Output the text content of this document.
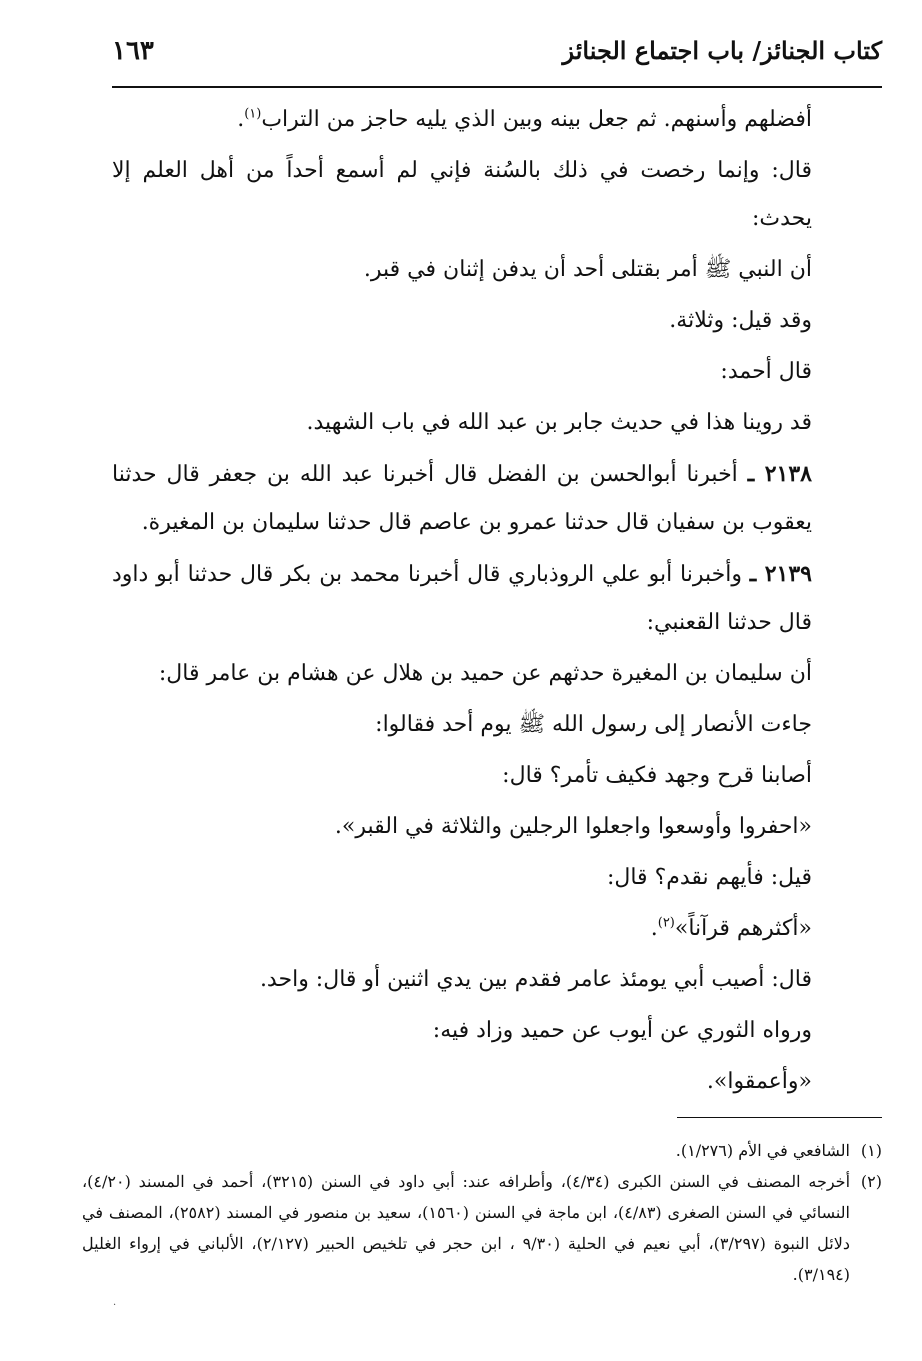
كتاب الجنائز/ باب اجتماع الجنائز
١٦٣

أفضلهم وأسنهم. ثم جعل بينه وبين الذي يليه حاجز من التراب$^{(١)}$.

قال: وإنما رخصت في ذلك بالسُنة فإني لم أسمع أحداً من أهل العلم إلا يحدث:

أن النبي ﷺ أمر بقتلى أحد أن يدفن إثنان في قبر.

وقد قيل: وثلاثة.

قال أحمد:

قد روينا هذا في حديث جابر بن عبد الله في باب الشهيد.

٢١٣٨ ـ أخبرنا أبوالحسن بن الفضل قال أخبرنا عبد الله بن جعفر قال حدثنا يعقوب بن سفيان قال حدثنا عمرو بن عاصم قال حدثنا سليمان بن المغيرة.

٢١٣٩ ـ وأخبرنا أبو علي الروذباري قال أخبرنا محمد بن بكر قال حدثنا أبو داود قال حدثنا القعنبي:

أن سليمان بن المغيرة حدثهم عن حميد بن هلال عن هشام بن عامر قال:

جاءت الأنصار إلى رسول الله ﷺ يوم أحد فقالوا:

أصابنا قرح وجهد فكيف تأمر؟ قال:

«احفروا وأوسعوا واجعلوا الرجلين والثلاثة في القبر».

قيل: فأيهم نقدم؟ قال:

«أكثرهم قرآناً»$^{(٢)}$.

قال: أصيب أبي يومئذ عامر فقدم بين يدي اثنين أو قال: واحد.

ورواه الثوري عن أيوب عن حميد وزاد فيه:

«وأعمقوا».

(١)
الشافعي في الأم (١/٢٧٦).
(٢)
أخرجه المصنف في السنن الكبرى (٤/٣٤)، وأطرافه عند: أبي داود في السنن (٣٢١٥)، أحمد في المسند (٤/٢٠)، النسائي في السنن الصغرى (٤/٨٣)، ابن ماجة في السنن (١٥٦٠)، سعيد بن منصور في المسند (٢٥٨٢)، المصنف في دلائل النبوة (٣/٢٩٧)، أبي نعيم في الحلية (٩/٣٠ ، ابن حجر في تلخيص الحبير (٢/١٢٧)، الألباني في إرواء الغليل (٣/١٩٤).
·
